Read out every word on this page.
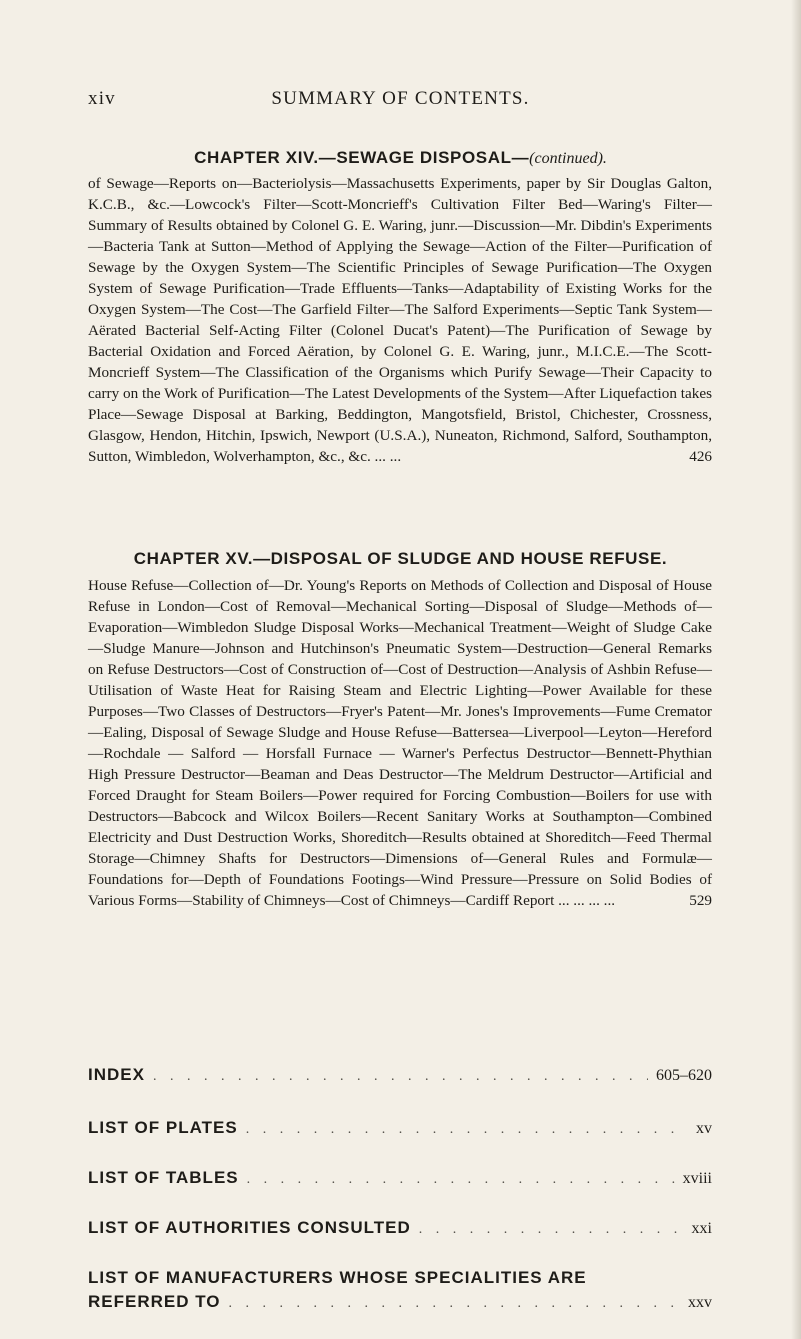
xiv	SUMMARY OF CONTENTS.
CHAPTER XIV.—SEWAGE DISPOSAL—(continued).
of Sewage—Reports on—Bacteriolysis—Massachusetts Experiments, paper by Sir Douglas Galton, K.C.B., &c.—Lowcock's Filter—Scott-Moncrieff's Cultivation Filter Bed—Waring's Filter—Summary of Results obtained by Colonel G. E. Waring, junr.—Discussion—Mr. Dibdin's Experiments—Bacteria Tank at Sutton—Method of Applying the Sewage—Action of the Filter—Purification of Sewage by the Oxygen System—The Scientific Principles of Sewage Purification—The Oxygen System of Sewage Purification—Trade Effluents—Tanks—Adaptability of Existing Works for the Oxygen System—The Cost—The Garfield Filter—The Salford Experiments—Septic Tank System—Aërated Bacterial Self-Acting Filter (Colonel Ducat's Patent)—The Purification of Sewage by Bacterial Oxidation and Forced Aëration, by Colonel G. E. Waring, junr., M.I.C.E.—The Scott-Moncrieff System—The Classification of the Organisms which Purify Sewage—Their Capacity to carry on the Work of Purification—The Latest Developments of the System—After Liquefaction takes Place—Sewage Disposal at Barking, Beddington, Mangotsfield, Bristol, Chichester, Crossness, Glasgow, Hendon, Hitchin, Ipswich, Newport (U.S.A.), Nuneaton, Richmond, Salford, Southampton, Sutton, Wimbledon, Wolverhampton, &c., &c. ... ...	426
CHAPTER XV.—DISPOSAL OF SLUDGE AND HOUSE REFUSE.
House Refuse—Collection of—Dr. Young's Reports on Methods of Collection and Disposal of House Refuse in London—Cost of Removal—Mechanical Sorting—Disposal of Sludge—Methods of—Evaporation—Wimbledon Sludge Disposal Works—Mechanical Treatment—Weight of Sludge Cake—Sludge Manure—Johnson and Hutchinson's Pneumatic System—Destruction—General Remarks on Refuse Destructors—Cost of Construction of—Cost of Destruction—Analysis of Ashbin Refuse—Utilisation of Waste Heat for Raising Steam and Electric Lighting—Power Available for these Purposes—Two Classes of Destructors—Fryer's Patent—Mr. Jones's Improvements—Fume Cremator—Ealing, Disposal of Sewage Sludge and House Refuse—Battersea—Liverpool—Leyton—Hereford—Rochdale — Salford — Horsfall Furnace — Warner's Perfectus Destructor—Bennett-Phythian High Pressure Destructor—Beaman and Deas Destructor—The Meldrum Destructor—Artificial and Forced Draught for Steam Boilers—Power required for Forcing Combustion—Boilers for use with Destructors—Babcock and Wilcox Boilers—Recent Sanitary Works at Southampton—Combined Electricity and Dust Destruction Works, Shoreditch—Results obtained at Shoreditch—Feed Thermal Storage—Chimney Shafts for Destructors—Dimensions of—General Rules and Formulæ—Foundations for—Depth of Foundations Footings—Wind Pressure—Pressure on Solid Bodies of Various Forms—Stability of Chimneys—Cost of Chimneys—Cardiff Report ... ... ... ...	529
INDEX . . .	605–620
LIST OF PLATES . . .	xv
LIST OF TABLES . . .	xviii
LIST OF AUTHORITIES CONSULTED . . .	xxi
LIST OF MANUFACTURERS WHOSE SPECIALITIES ARE
REFERRED TO . . .	xxv
